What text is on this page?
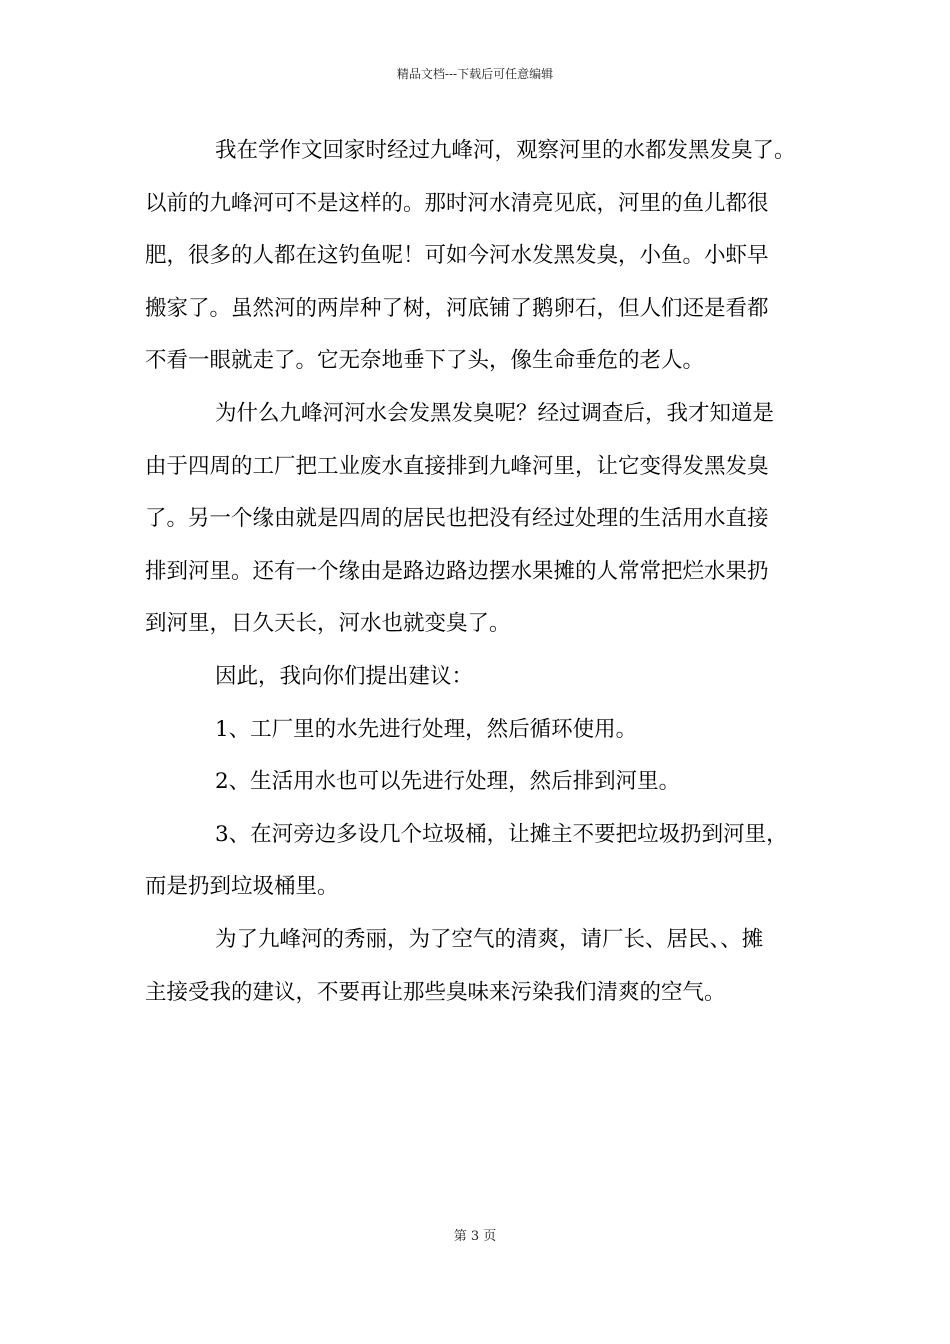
精品文档---下载后可任意编辑
我在学作文回家时经过九峰河，观察河里的水都发黑发臭了。
以前的九峰河可不是这样的。那时河水清亮见底，河里的鱼儿都很
肥，很多的人都在这钓鱼呢！可如今河水发黑发臭，小鱼。小虾早
搬家了。虽然河的两岸种了树，河底铺了鹅卵石，但人们还是看都
不看一眼就走了。它无奈地垂下了头，像生命垂危的老人。
为什么九峰河河水会发黑发臭呢？经过调查后，我才知道是
由于四周的工厂把工业废水直接排到九峰河里，让它变得发黑发臭
了。另一个缘由就是四周的居民也把没有经过处理的生活用水直接
排到河里。还有一个缘由是路边路边摆水果摊的人常常把烂水果扔
到河里，日久天长，河水也就变臭了。
因此，我向你们提出建议：
1、工厂里的水先进行处理，然后循环使用。
2、生活用水也可以先进行处理，然后排到河里。
3、在河旁边多设几个垃圾桶，让摊主不要把垃圾扔到河里，
而是扔到垃圾桶里。
为了九峰河的秀丽，为了空气的清爽，请厂长、居民、、摊
主接受我的建议，不要再让那些臭味来污染我们清爽的空气。
第 3 页
